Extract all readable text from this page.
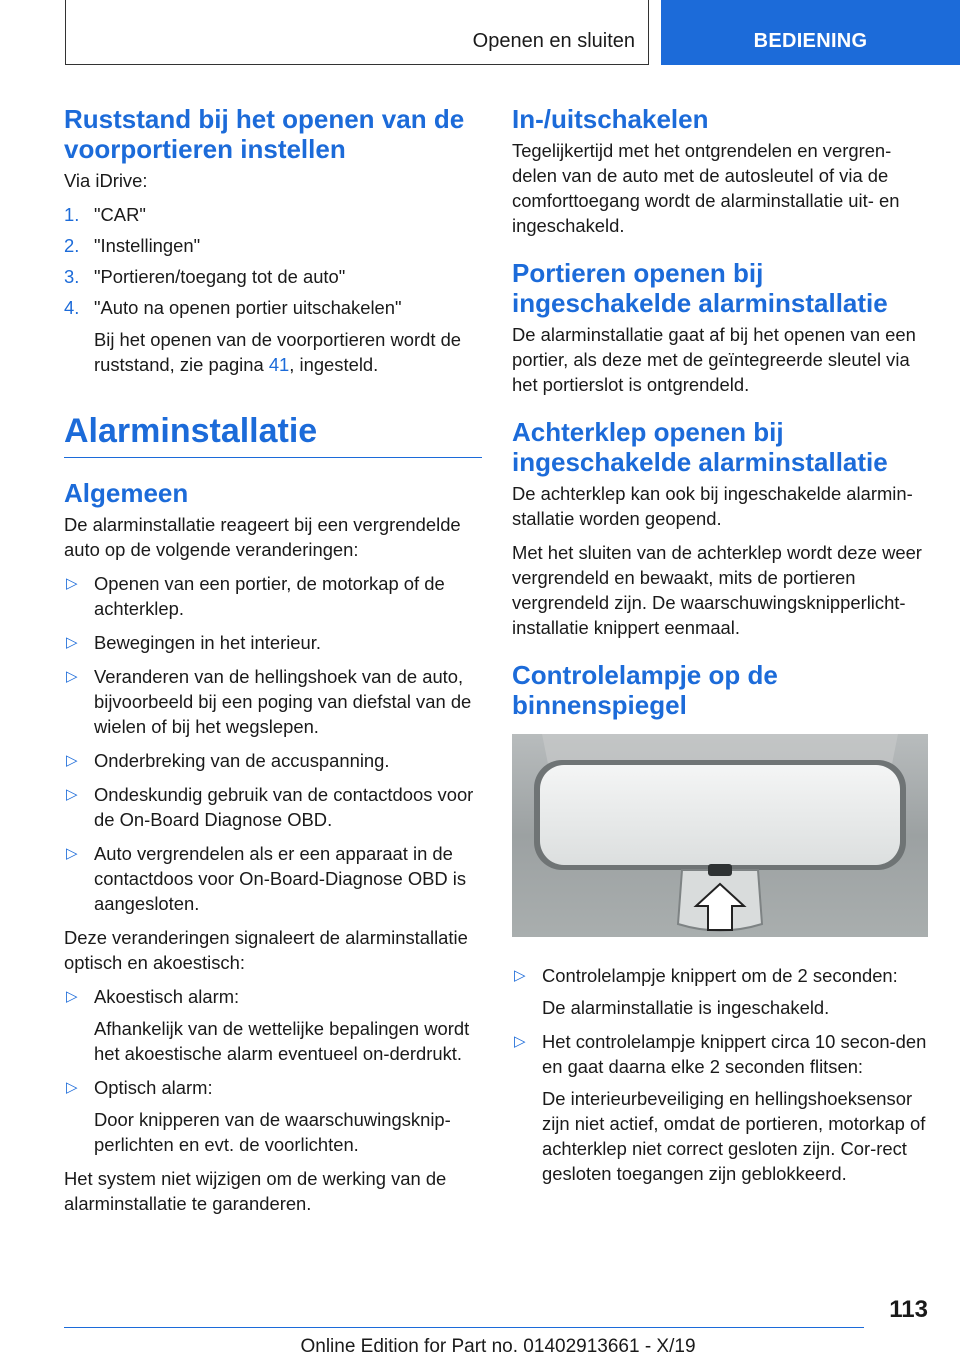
Openen en sluiten	BEDIENING
Ruststand bij het openen van de voorportieren instellen

Via iDrive:

1. "CAR"
2. "Instellingen"
3. "Portieren/toegang tot de auto"
4. "Auto na openen portier uitschakelen"
Bij het openen van de voorportieren wordt de ruststand, zie pagina 41, ingesteld.
Alarminstallatie
Algemeen

De alarminstallatie reageert bij een vergrendelde auto op de volgende veranderingen:

▷ Openen van een portier, de motorkap of de achterklep.
▷ Bewegingen in het interieur.
▷ Veranderen van de hellingshoek van de auto, bijvoorbeeld bij een poging van diefstal van de wielen of bij het wegslepen.
▷ Onderbreking van de accuspanning.
▷ Ondeskundig gebruik van de contactdoos voor de On-Board Diagnose OBD.
▷ Auto vergrendelen als er een apparaat in de contactdoos voor On-Board-Diagnose OBD is aangesloten.

Deze veranderingen signaleert de alarminstallatie optisch en akoestisch:

▷ Akoestisch alarm:
Afhankelijk van de wettelijke bepalingen wordt het akoestische alarm eventueel on-derdrukt.
▷ Optisch alarm:
Door knipperen van de waarschuwingsknip-perlichten en evt. de voorlichten.

Het system niet wijzigen om de werking van de alarminstallatie te garanderen.

In-/uitschakelen

Tegelijkertijd met het ontgrendelen en vergren-delen van de auto met de autosleutel of via de comforttoegang wordt de alarminstallatie uit- en ingeschakeld.

Portieren openen bij ingeschakelde alarminstallatie

De alarminstallatie gaat af bij het openen van een portier, als deze met de geïntegreerde sleutel via het portierslot is ontgrendeld.

Achterklep openen bij ingeschakelde alarminstallatie

De achterklep kan ook bij ingeschakelde alarmin-stallatie worden geopend.

Met het sluiten van de achterklep wordt deze weer vergrendeld en bewaakt, mits de portieren vergrendeld zijn. De waarschuwingsknipperlicht-installatie knippert eenmaal.

Controlelampje op de binnenspiegel
▷ Controlelampje knippert om de 2 seconden:
De alarminstallatie is ingeschakeld.
▷ Het controlelampje knippert circa 10 secon-den en gaat daarna elke 2 seconden flitsen:
De interieurbeveiliging en hellingshoeksensor zijn niet actief, omdat de portieren, motorkap of achterklep niet correct gesloten zijn. Cor-rect gesloten toegangen zijn geblokkeerd.
113
Online Edition for Part no. 01402913661 - X/19
